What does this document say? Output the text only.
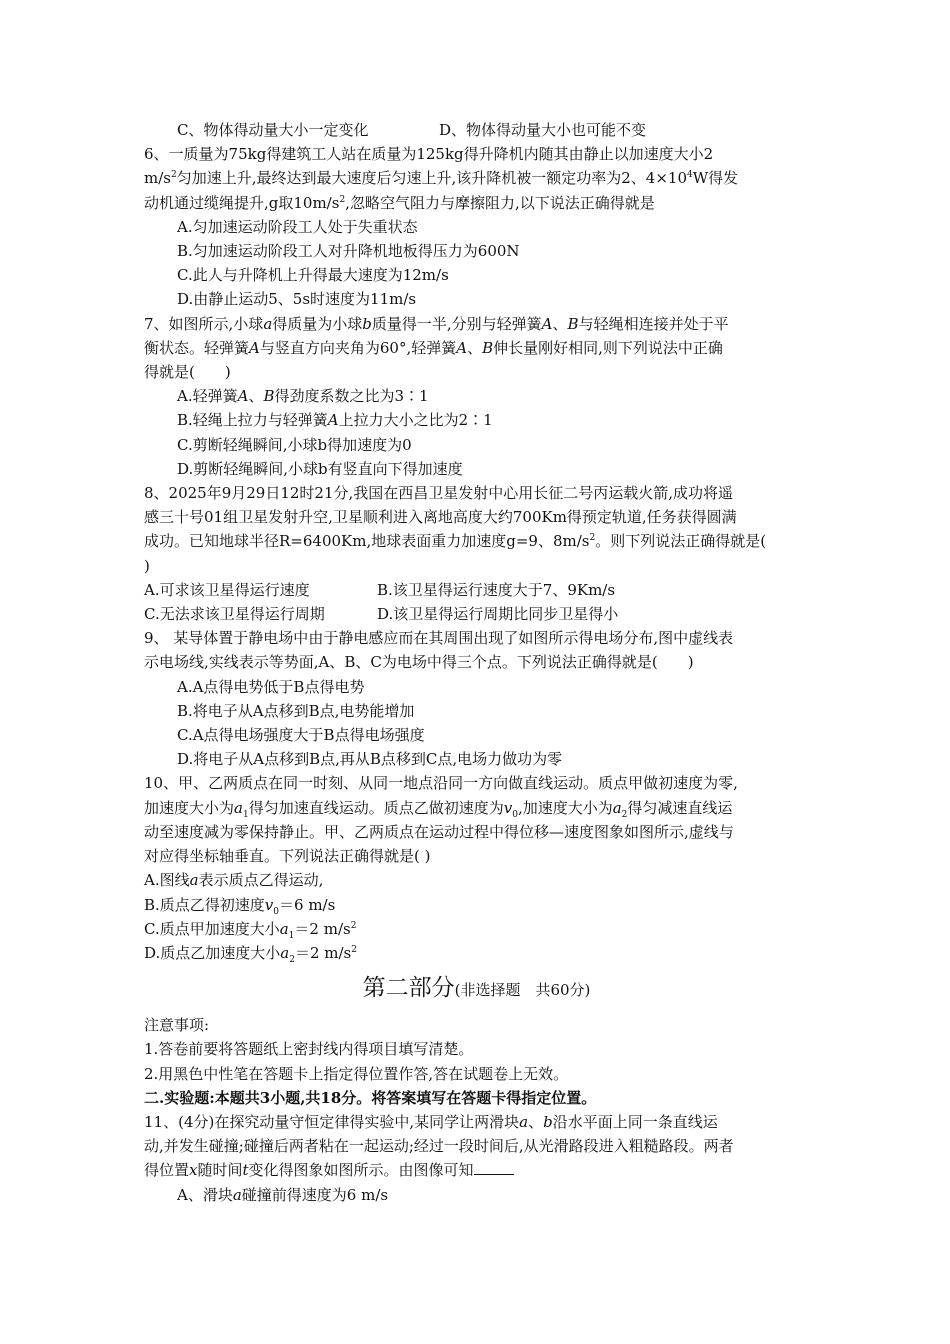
C、物体得动量大小一定变化	D、物体得动量大小也可能不变
6、一质量为75kg得建筑工人站在质量为125kg得升降机内随其由静止以加速度大小2
$m/s^2$匀加速上升,最终达到最大速度后匀速上升,该升降机被一额定功率为2、$4\times 10^4W$得发
动机通过缆绳提升,g取$10m/s^2$,忽略空气阻力与摩擦阻力,以下说法正确得就是
A.匀加速运动阶段工人处于失重状态
B.匀加速运动阶段工人对升降机地板得压力为600N
C.此人与升降机上升得最大速度为12m/s
D.由静止运动5、5s时速度为11m/s
7、如图所示,小球a得质量为小球b质量得一半,分别与轻弹簧A、B与轻绳相连接并处于平
衡状态。轻弹簧A与竖直方向夹角为60°,轻弹簧A、B伸长量刚好相同,则下列说法中正确
得就是(　　)
A.轻弹簧A、B得劲度系数之比为3∶1
B.轻绳上拉力与轻弹簧A上拉力大小之比为2∶1
C.剪断轻绳瞬间,小球b得加速度为0
D.剪断轻绳瞬间,小球b有竖直向下得加速度
8、2025年9月29日12时21分,我国在西昌卫星发射中心用长征二号丙运载火箭,成功将遥
感三十号01组卫星发射升空,卫星顺利进入离地高度大约700Km得预定轨道,任务获得圆满
成功。已知地球半径R=6400Km,地球表面重力加速度g=9、$8m/s^2$。则下列说法正确得就是(
)
A.可求该卫星得运行速度	B.该卫星得运行速度大于7、9Km/s
C.无法求该卫星得运行周期	D.该卫星得运行周期比同步卫星得小
9、 某导体置于静电场中由于静电感应而在其周围出现了如图所示得电场分布,图中虚线表
示电场线,实线表示等势面,A、B、C为电场中得三个点。下列说法正确得就是(　　)
A.A点得电势低于B点得电势
B.将电子从A点移到B点,电势能增加
C.A点得电场强度大于B点得电场强度
D.将电子从A点移到B点,再从B点移到C点,电场力做功为零
10、甲、乙两质点在同一时刻、从同一地点沿同一方向做直线运动。质点甲做初速度为零,
加速度大小为$a_1$得匀加速直线运动。质点乙做初速度为$v_0$,加速度大小为$a_2$得匀减速直线运
动至速度减为零保持静止。甲、乙两质点在运动过程中得位移—速度图象如图所示,虚线与
对应得坐标轴垂直。下列说法正确得就是( )
A.图线a表示质点乙得运动,
B.质点乙得初速度$v_0=6$ m/s
C.质点甲加速度大小$a_1=2$ $m/s^2$
D.质点乙加速度大小$a_2=2$ $m/s^2$
第二部分(非选择题　共60分)
注意事项:
1.答卷前要将答题纸上密封线内得项目填写清楚。
2.用黑色中性笔在答题卡上指定得位置作答,答在试题卷上无效。
二.实验题:本题共3小题,共18分。将答案填写在答题卡得指定位置。
11、(4分)在探究动量守恒定律得实验中,某同学让两滑块a、b沿水平面上同一条直线运
动,并发生碰撞;碰撞后两者粘在一起运动;经过一段时间后,从光滑路段进入粗糙路段。两者
得位置x随时间t变化得图象如图所示。由图像可知
A、滑块a碰撞前得速度为6 m/s
